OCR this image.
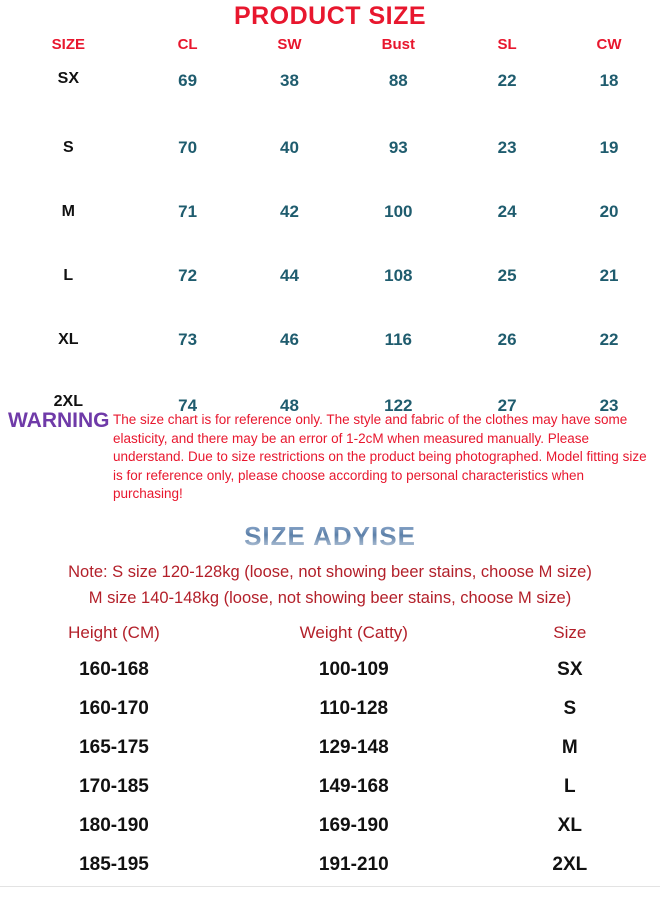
PRODUCT SIZE
SIZE	CL	SW	Bust	SL	CW
SX	69	38	88	22	18
S	70	40	93	23	19
M	71	42	100	24	20
L	72	44	108	25	21
XL	73	46	116	26	22
2XL	74	48	122	27	23
WARNING The size chart is for reference only. The style and fabric of the clothes may have some elasticity, and there may be an error of 1-2cM when measured manually. Please understand. Due to size restrictions on the product being photographed. Model fitting size is for reference only, please choose according to personal characteristics when purchasing!
SIZE ADYISE
Note: S size 120-128kg (loose, not showing beer stains, choose M size)
M size 140-148kg (loose, not showing beer stains, choose M size)
Height (CM)	Weight (Catty)	Size
160-168	100-109	SX
160-170	110-128	S
165-175	129-148	M
170-185	149-168	L
180-190	169-190	XL
185-195	191-210	2XL
